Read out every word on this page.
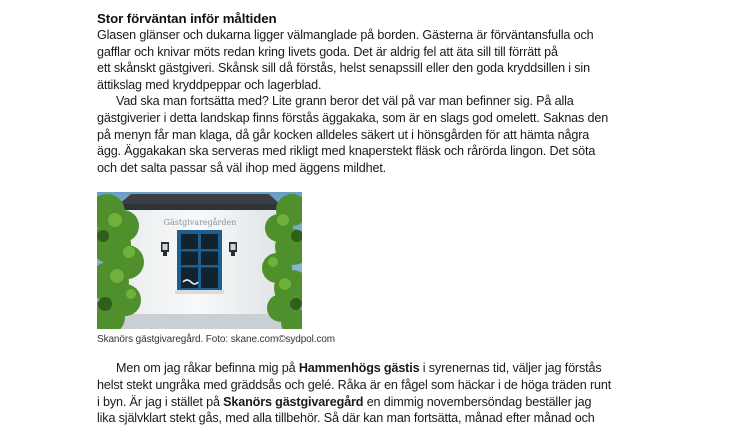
Stor förväntan inför måltiden

Glasen glänser och dukarna ligger välmanglade på borden. Gästerna är förväntansfulla och
gafflar och knivar möts redan kring livets goda. Det är aldrig fel att äta sill till förrätt på
ett skånskt gästgiveri. Skånsk sill då förstås, helst senapssill eller den goda kryddsillen i sin
ättikslag med kryddpeppar och lagerblad.

Vad ska man fortsätta med? Lite grann beror det väl på var man befinner sig. På alla
gästgiverier i detta landskap finns förstås äggakaka, som är en slags god omelett. Saknas den
på menyn får man klaga, då går kocken alldeles säkert ut i hönsgården för att hämta några
ägg. Äggakakan ska serveras med rikligt med knaperstekt fläsk och rårörda lingon. Det söta
och det salta passar så väl ihop med äggens mildhet.

Gästgivaregården
Skanörs gästgivaregård. Foto: skane.com©sydpol.com

Men om jag råkar befinna mig på Hammenhögs gästis i syrenernas tid, väljer jag förstås
helst stekt ungråka med gräddsås och gelé. Råka är en fågel som häckar i de höga träden runt
i byn. Är jag i stället på Skanörs gästgivaregård en dimmig novembersöndag beställer jag
lika självklart stekt gås, med alla tillbehör. Så där kan man fortsätta, månad efter månad och
